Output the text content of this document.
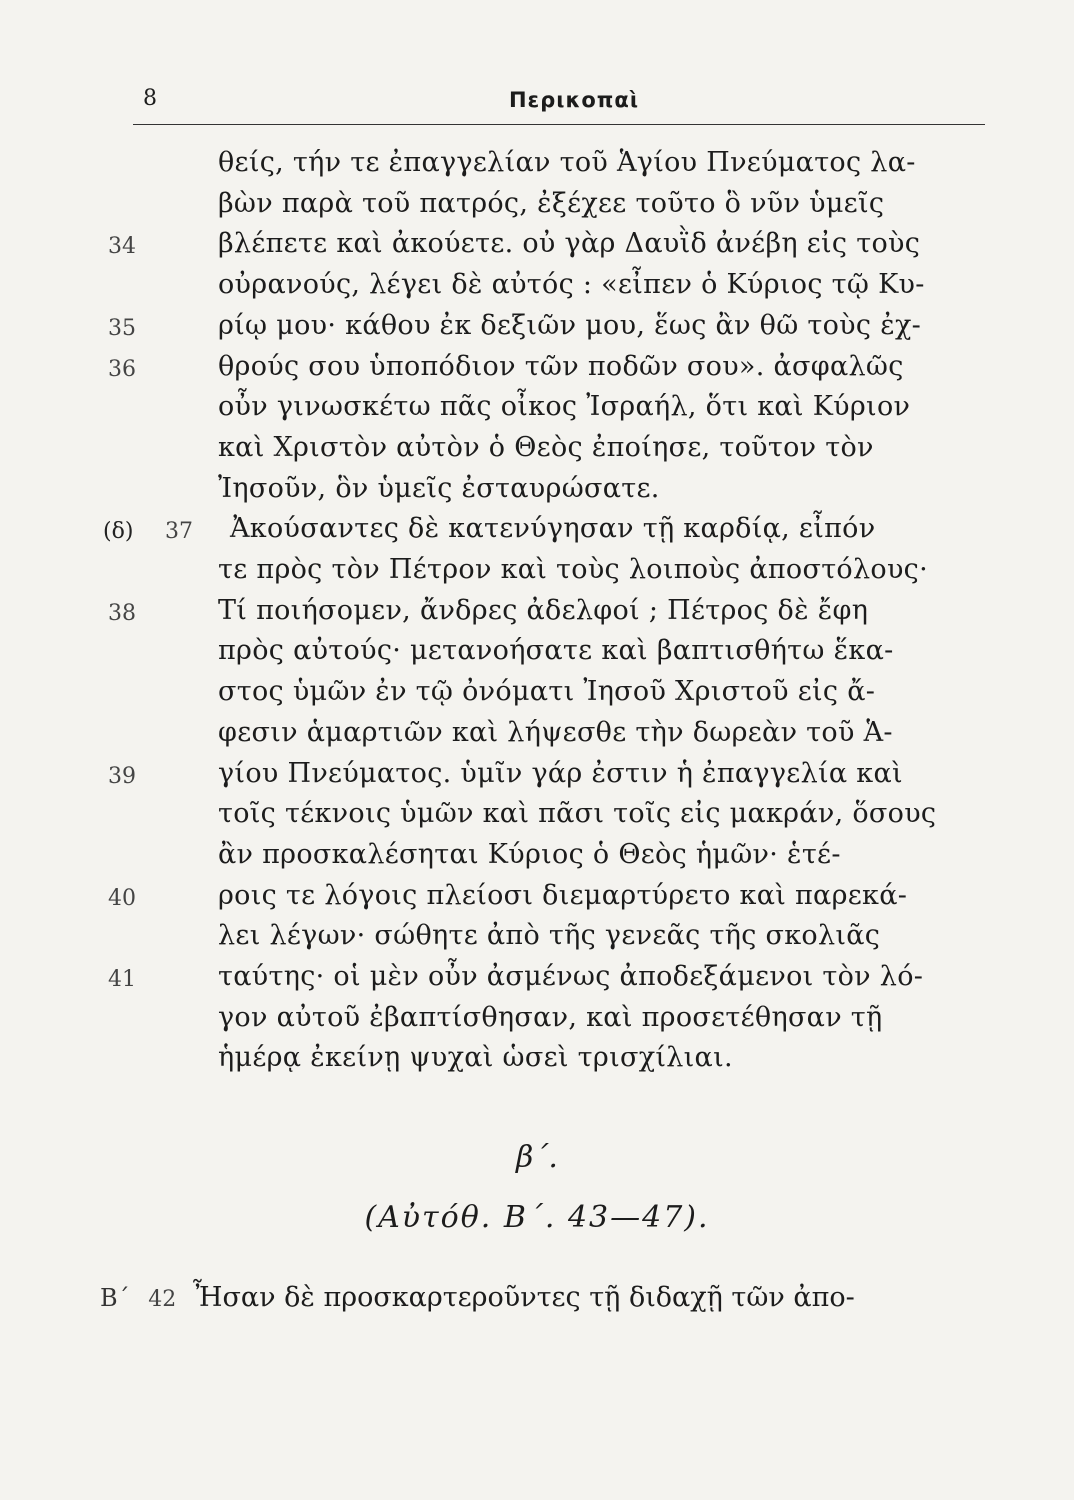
8	Περικοπαὶ
θείς, τήν τε ἐπαγγελίαν τοῦ Ἁγίου Πνεύματος λα-
βὼν παρὰ τοῦ πατρός, ἐξέχεε τοῦτο ὃ νῦν ὑμεῖς
34	βλέπετε καὶ ἀκούετε. οὐ γὰρ Δαυῒδ ἀνέβη εἰς τοὺς
οὐρανούς, λέγει δὲ αὐτός : «εἶπεν ὁ Κύριος τῷ Κυ-
35	ρίῳ μου· κάθου ἐκ δεξιῶν μου, ἕως ἂν θῶ τοὺς ἐχ-
36	θρούς σου ὑποπόδιον τῶν ποδῶν σου». ἀσφαλῶς
οὖν γινωσκέτω πᾶς οἶκος Ἰσραήλ, ὅτι καὶ Κύριον
καὶ Χριστὸν αὐτὸν ὁ Θεὸς ἐποίησε, τοῦτον τὸν
Ἰησοῦν, ὃν ὑμεῖς ἐσταυρώσατε.
(δ) 37	Ἀκούσαντες δὲ κατενύγησαν τῇ καρδίᾳ, εἶπόν
τε πρὸς τὸν Πέτρον καὶ τοὺς λοιποὺς ἀποστόλους·
38	Τί ποιήσομεν, ἄνδρες ἀδελφοί ; Πέτρος δὲ ἔφη
πρὸς αὐτούς· μετανοήσατε καὶ βαπτισθήτω ἕκα-
στος ὑμῶν ἐν τῷ ὀνόματι Ἰησοῦ Χριστοῦ εἰς ἄ-
φεσιν ἁμαρτιῶν καὶ λήψεσθε τὴν δωρεὰν τοῦ Ἁ-
39	γίου Πνεύματος. ὑμῖν γάρ ἐστιν ἡ ἐπαγγελία καὶ
τοῖς τέκνοις ὑμῶν καὶ πᾶσι τοῖς εἰς μακράν, ὅσους
ἂν προσκαλέσηται Κύριος ὁ Θεὸς ἡμῶν· ἑτέ-
40	ροις τε λόγοις πλείοσι διεμαρτύρετο καὶ παρεκά-
λει λέγων· σώθητε ἀπὸ τῆς γενεᾶς τῆς σκολιᾶς
41	ταύτης· οἱ μὲν οὖν ἀσμένως ἀποδεξάμενοι τὸν λό-
γον αὐτοῦ ἐβαπτίσθησαν, καὶ προσετέθησαν τῇ
ἡμέρᾳ ἐκείνῃ ψυχαὶ ὡσεὶ τρισχίλιαι.
β΄.
(Αὐτόθ. Β΄. 43—47).
Β΄ 42 Ἦσαν δὲ προσκαρτεροῦντες τῇ διδαχῇ τῶν ἀπο-
